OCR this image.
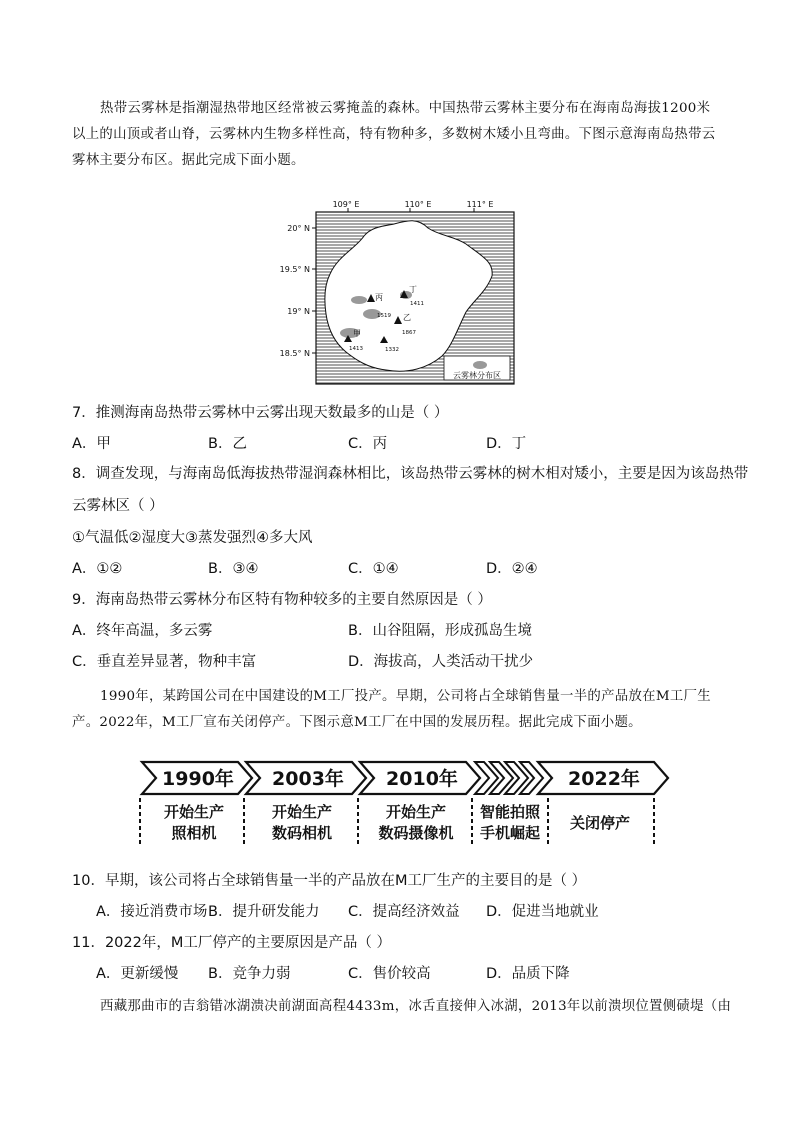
热带云雾林是指潮湿热带地区经常被云雾掩盖的森林。中国热带云雾林主要分布在海南岛海拔1200米以上的山顶或者山脊，云雾林内生物多样性高，特有物种多，多数树木矮小且弯曲。下图示意海南岛热带云雾林主要分布区。据此完成下面小题。
109° E	110° E	111° E
20° N
19.5° N
19° N
18.5° N
甲
1413
丙
1519
丁
1411
乙
1867
1332
云雾林分布区
7．推测海南岛热带云雾林中云雾出现天数最多的山是（ ）
A．甲	B．乙	C．丙	D．丁
8．调查发现，与海南岛低海拔热带湿润森林相比，该岛热带云雾林的树木相对矮小，主要是因为该岛热带
云雾林区（ ）
①气温低②湿度大③蒸发强烈④多大风
A．①②	B．③④	C．①④	D．②④
9．海南岛热带云雾林分布区特有物种较多的主要自然原因是（ ）
A．终年高温，多云雾	B．山谷阻隔，形成孤岛生境
C．垂直差异显著，物种丰富	D．海拔高，人类活动干扰少
1990年，某跨国公司在中国建设的M工厂投产。早期，公司将占全球销售量一半的产品放在M工厂生产。2022年，M工厂宣布关闭停产。下图示意M工厂在中国的发展历程。据此完成下面小题。
1990年 2003年 2010年	2022年
开始生产
照相机
开始生产
数码相机
开始生产
数码摄像机
智能拍照
手机崛起
关闭停产
10．早期，该公司将占全球销售量一半的产品放在M工厂生产的主要目的是（ ）
A．接近消费市场 B．提升研发能力 C．提高经济效益 D．促进当地就业
11．2022年，M工厂停产的主要原因是产品（ ）
A．更新缓慢 B．竞争力弱	C．售价较高	D．品质下降
西藏那曲市的吉翁错冰湖溃决前湖面高程4433m，冰舌直接伸入冰湖，2013年以前溃坝位置侧碛堤（由
